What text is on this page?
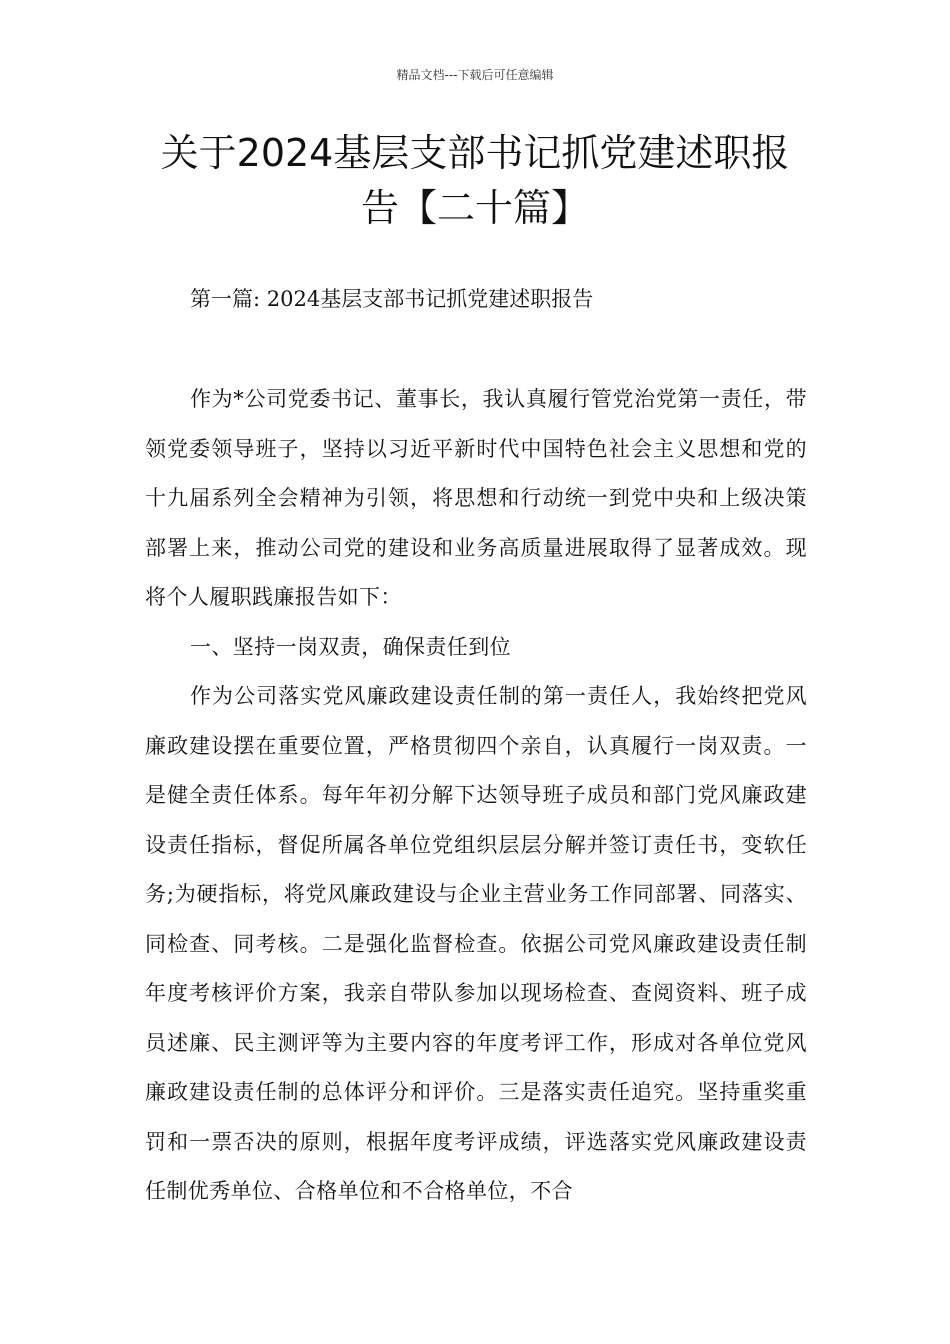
精品文档---下载后可任意编辑
关于2024基层支部书记抓党建述职报
告【二十篇】
第一篇: 2024基层支部书记抓党建述职报告

作为*公司党委书记、董事长，我认真履行管党治党第一责任，带领党委领导班子，坚持以习近平新时代中国特色社会主义思想和党的十九届系列全会精神为引领，将思想和行动统一到党中央和上级决策部署上来，推动公司党的建设和业务高质量进展取得了显著成效。现将个人履职践廉报告如下：

一、坚持一岗双责，确保责任到位

作为公司落实党风廉政建设责任制的第一责任人，我始终把党风廉政建设摆在重要位置，严格贯彻四个亲自，认真履行一岗双责。一是健全责任体系。每年年初分解下达领导班子成员和部门党风廉政建设责任指标，督促所属各单位党组织层层分解并签订责任书，变软任务;为硬指标，将党风廉政建设与企业主营业务工作同部署、同落实、同检查、同考核。二是强化监督检查。依据公司党风廉政建设责任制年度考核评价方案，我亲自带队参加以现场检查、查阅资料、班子成员述廉、民主测评等为主要内容的年度考评工作，形成对各单位党风廉政建设责任制的总体评分和评价。三是落实责任追究。坚持重奖重罚和一票否决的原则，根据年度考评成绩，评选落实党风廉政建设责任制优秀单位、合格单位和不合格单位，不合
